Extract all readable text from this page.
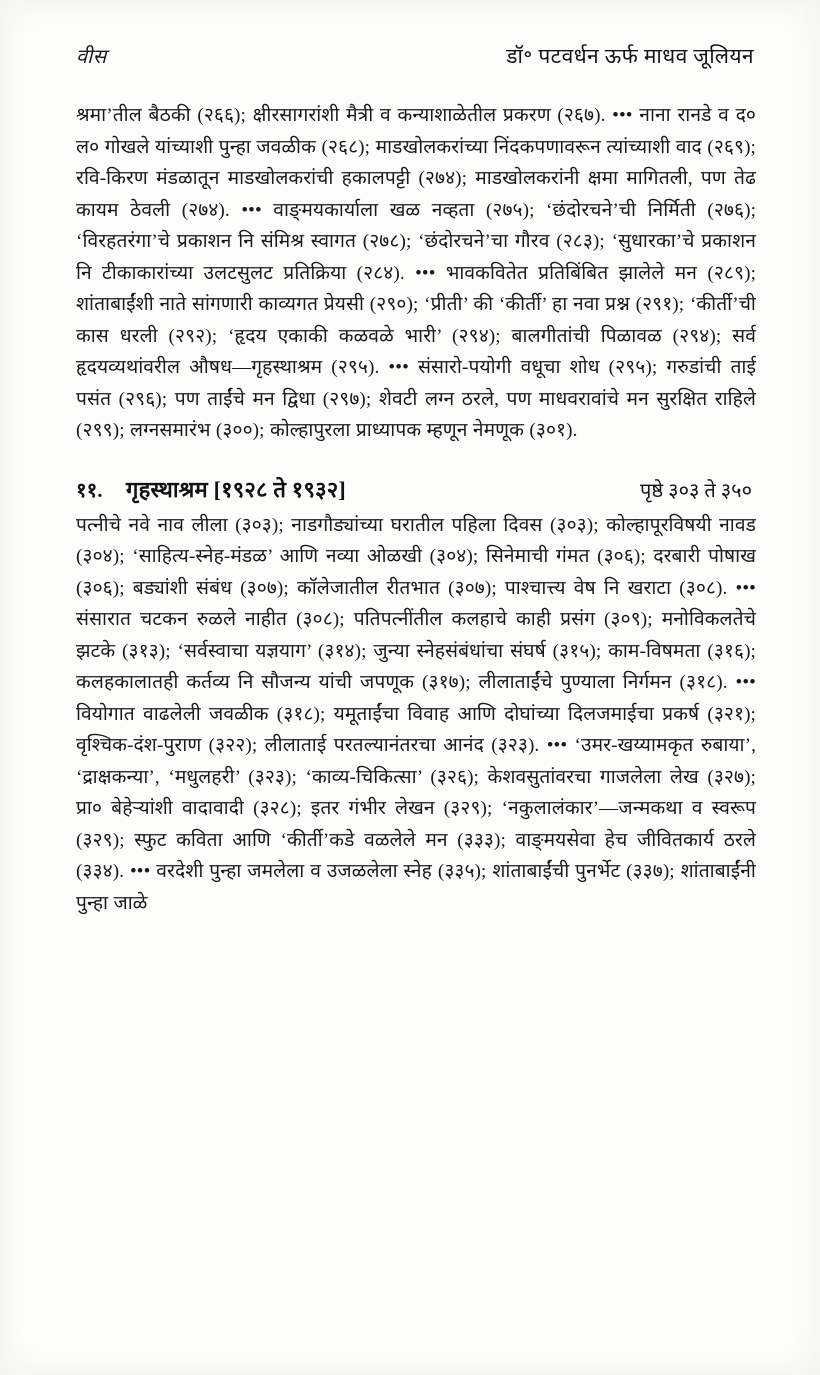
वीस	डॉ॰ पटवर्धन ऊर्फ माधव जूलियन

श्रमा’तील बैठकी (२६६); क्षीरसागरांशी मैत्री व कन्याशाळेतील प्रकरण (२६७). ••• नाना रानडे व द० ल० गोखले यांच्याशी पुन्हा जवळीक (२६८); माडखोलकरांच्या निंदकपणावरून त्यांच्याशी वाद (२६९); रवि-किरण मंडळातून माडखोलकरांची हकालपट्टी (२७४); माडखोलकरांनी क्षमा मागितली, पण तेढ कायम ठेवली (२७४). ••• वाङ्‌मयकार्याला खळ नव्हता (२७५); ‘छंदोरचने’ची निर्मिती (२७६); ‘विरहतरंगा’चे प्रकाशन नि संमिश्र स्वागत (२७८); ‘छंदोरचने’चा गौरव (२८३); ‘सुधारका’चे प्रकाशन नि टीकाकारांच्या उलटसुलट प्रतिक्रिया (२८४). ••• भावकवितेत प्रतिबिंबित झालेले मन (२८९); शांताबाईंशी नाते सांगणारी काव्यगत प्रेयसी (२९०); ‘प्रीती’ की ‘कीर्ती’ हा नवा प्रश्न (२९१); ‘कीर्ती’ची कास धरली (२९२); ‘हृदय एकाकी कळवळे भारी’ (२९४); बालगीतांची पिळावळ (२९४); सर्व हृदयव्यथांवरील औषध—गृहस्थाश्रम (२९५). ••• संसारो-पयोगी वधूचा शोध (२९५); गरुडांची ताई पसंत (२९६); पण ताईंचे मन द्विधा (२९७); शेवटी लग्न ठरले, पण माधवरावांचे मन सुरक्षित राहिले (२९९); लग्नसमारंभ (३००); कोल्हापुरला प्राध्यापक म्हणून नेमणूक (३०१).

११.	गृहस्थाश्रम [१९२८ ते १९३२]	पृष्ठे ३०३ ते ३५०

पत्नीचे नवे नाव लीला (३०३); नाडगौड्यांच्या घरातील पहिला दिवस (३०३); कोल्हापूरविषयी नावड (३०४); ‘साहित्य-स्नेह-मंडळ’ आणि नव्या ओळखी (३०४); सिनेमाची गंमत (३०६); दरबारी पोषाख (३०६); बड्यांशी संबंध (३०७); कॉलेजातील रीतभात (३०७); पाश्चात्त्य वेष नि खराटा (३०८). ••• संसारात चटकन रुळले नाहीत (३०८); पतिपत्नींतील कलहाचे काही प्रसंग (३०९); मनोविकलतेचे झटके (३१३); ‘सर्वस्वाचा यज्ञयाग’ (३१४); जुन्या स्नेहसंबंधांचा संघर्ष (३१५); काम-विषमता (३१६); कलहकालातही कर्तव्य नि सौजन्य यांची जपणूक (३१७); लीलाताईंचे पुण्याला निर्गमन (३१८). ••• वियोगात वाढलेली जवळीक (३१८); यमूताईंचा विवाह आणि दोघांच्या दिलजमाईचा प्रकर्ष (३२१); वृश्चिक-दंश-पुराण (३२२); लीलाताई परतल्यानंतरचा आनंद (३२३). ••• ‘उमर-खय्यामकृत रुबाया’, ‘द्राक्षकन्या’, ‘मधुलहरी’ (३२३); ‘काव्य-चिकित्सा’ (३२६); केशवसुतांवरचा गाजलेला लेख (३२७); प्रा० बेहेऱ्यांशी वादावादी (३२८); इतर गंभीर लेखन (३२९); ‘नकुलालंकार’—जन्मकथा व स्वरूप (३२९); स्फुट कविता आणि ‘कीर्ती’कडे वळलेले मन (३३३); वाङ्‌मयसेवा हेच जीवितकार्य ठरले (३३४). ••• वरदेशी पुन्हा जमलेला व उजळलेला स्नेह (३३५); शांताबाईंची पुनर्भेट (३३७); शांताबाईंनी पुन्हा जाळे
